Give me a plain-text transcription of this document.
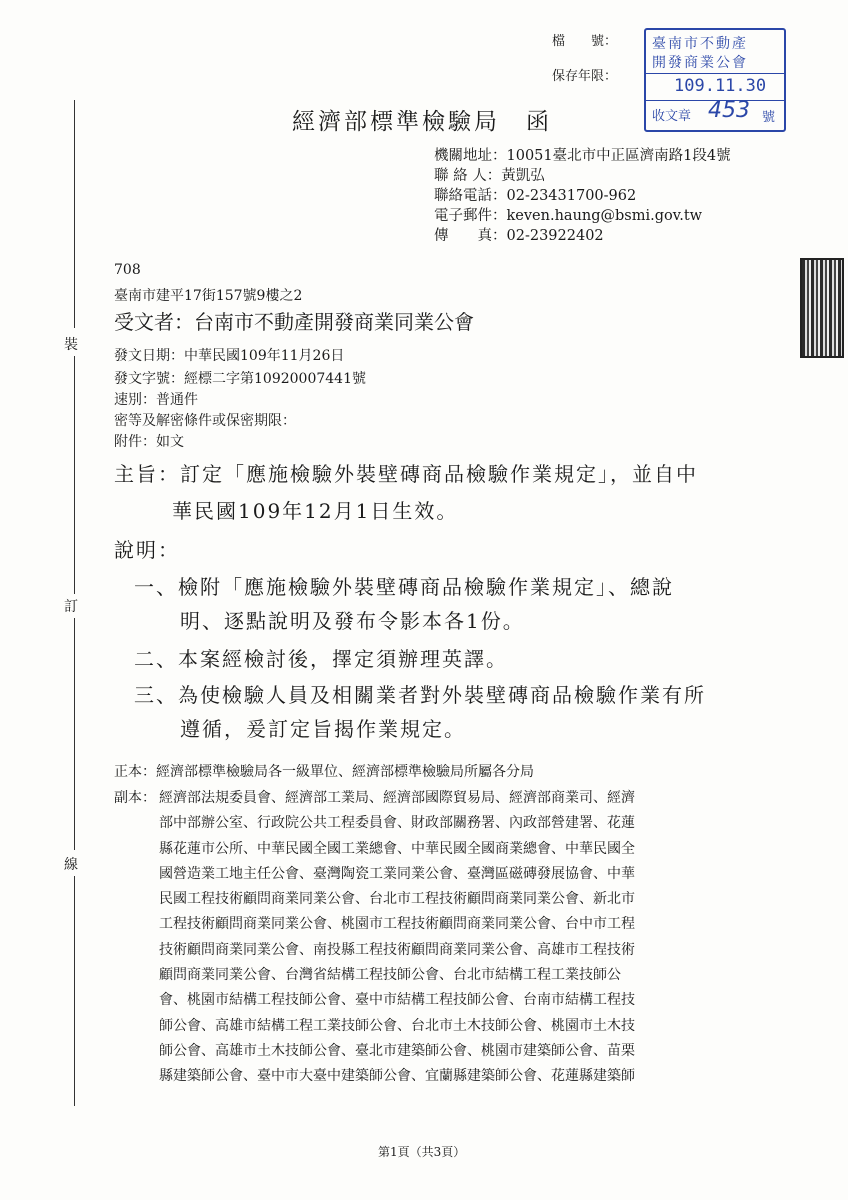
檔　　號：
保存年限：
臺南市不動產
開發商業公會
109.11.30
收文章 453 號
裝
訂
線
經濟部標準檢驗局　函
機關地址：10051臺北市中正區濟南路1段4號
聯 絡 人：黃凱弘
聯絡電話：02-23431700-962
電子郵件：keven.haung@bsmi.gov.tw
傳　　真：02-23922402
708
臺南市建平17街157號9樓之2
受文者：台南市不動產開發商業同業公會
發文日期：中華民國109年11月26日
發文字號：經標二字第10920007441號
速別：普通件
密等及解密條件或保密期限：
附件：如文
主旨：訂定「應施檢驗外裝壁磚商品檢驗作業規定」，並自中
華民國109年12月1日生效。
說明：
一、檢附「應施檢驗外裝壁磚商品檢驗作業規定」、總說
明、逐點說明及發布令影本各1份。
二、本案經檢討後，擇定須辦理英譯。
三、為使檢驗人員及相關業者對外裝壁磚商品檢驗作業有所
遵循，爰訂定旨揭作業規定。
正本：經濟部標準檢驗局各一級單位、經濟部標準檢驗局所屬各分局
副本： 經濟部法規委員會、經濟部工業局、經濟部國際貿易局、經濟部商業司、經濟
部中部辦公室、行政院公共工程委員會、財政部關務署、內政部營建署、花蓮
縣花蓮市公所、中華民國全國工業總會、中華民國全國商業總會、中華民國全
國營造業工地主任公會、臺灣陶瓷工業同業公會、臺灣區磁磚發展協會、中華
民國工程技術顧問商業同業公會、台北市工程技術顧問商業同業公會、新北市
工程技術顧問商業同業公會、桃園市工程技術顧問商業同業公會、台中市工程
技術顧問商業同業公會、南投縣工程技術顧問商業同業公會、高雄市工程技術
顧問商業同業公會、台灣省結構工程技師公會、台北市結構工程工業技師公
會、桃園市結構工程技師公會、臺中市結構工程技師公會、台南市結構工程技
師公會、高雄市結構工程工業技師公會、台北市土木技師公會、桃園市土木技
師公會、高雄市土木技師公會、臺北市建築師公會、桃園市建築師公會、苗栗
縣建築師公會、臺中市大臺中建築師公會、宜蘭縣建築師公會、花蓮縣建築師
第1頁（共3頁）
